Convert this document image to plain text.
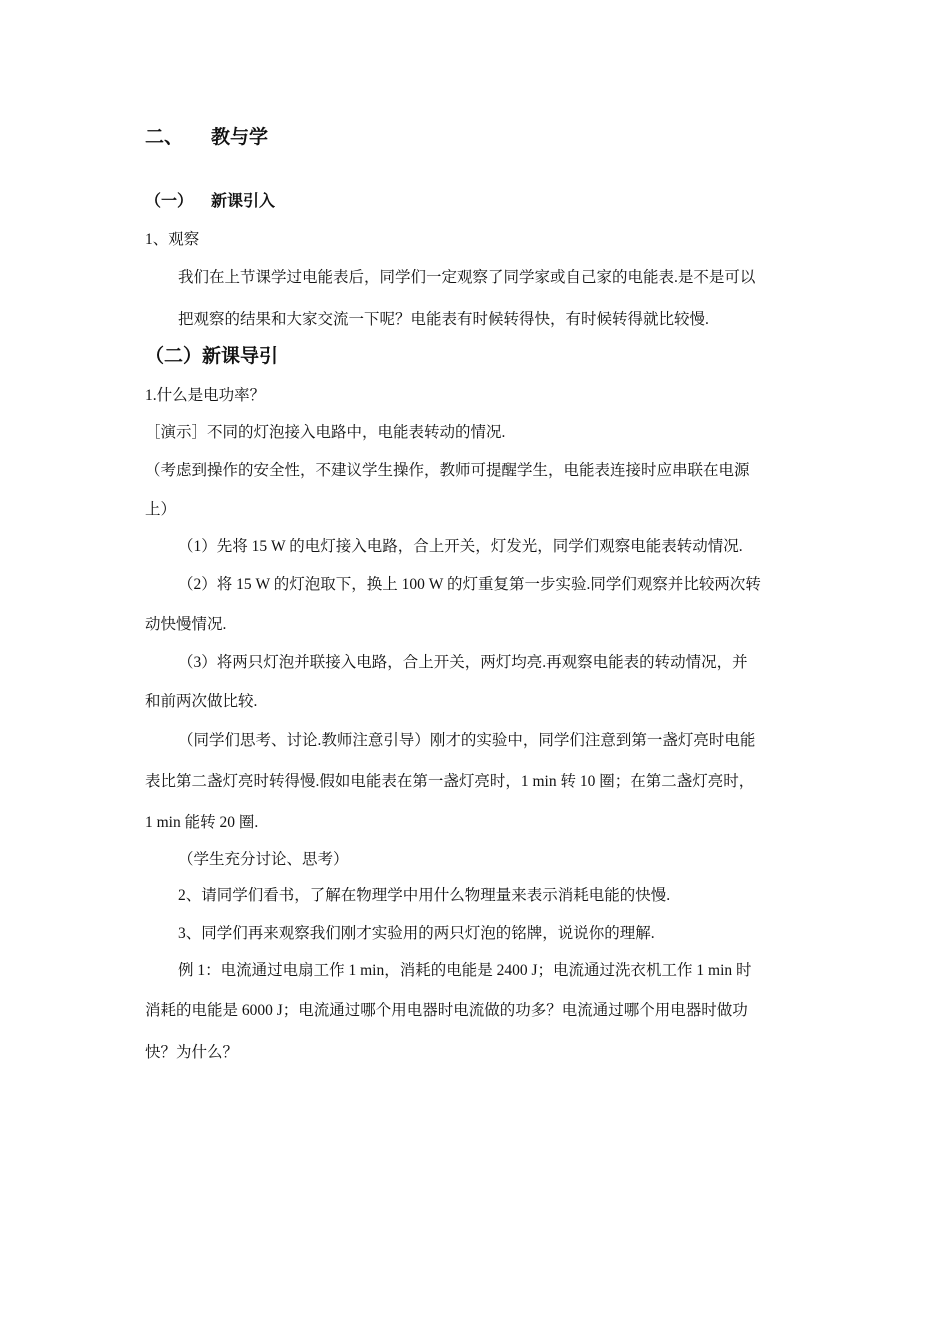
二、 教与学
（一） 新课引入
1、观察
我们在上节课学过电能表后，同学们一定观察了同学家或自己家的电能表.是不是可以
把观察的结果和大家交流一下呢？电能表有时候转得快，有时候转得就比较慢.
（二）新课导引
1.什么是电功率？
［演示］不同的灯泡接入电路中，电能表转动的情况.
（考虑到操作的安全性，不建议学生操作，教师可提醒学生，电能表连接时应串联在电源
上）
（1）先将 15 W 的电灯接入电路，合上开关，灯发光，同学们观察电能表转动情况.
（2）将 15 W 的灯泡取下，换上 100 W 的灯重复第一步实验.同学们观察并比较两次转
动快慢情况.
（3）将两只灯泡并联接入电路，合上开关，两灯均亮.再观察电能表的转动情况，并
和前两次做比较.
（同学们思考、讨论.教师注意引导）刚才的实验中，同学们注意到第一盏灯亮时电能
表比第二盏灯亮时转得慢.假如电能表在第一盏灯亮时，1 min 转 10 圈；在第二盏灯亮时，
1 min 能转 20 圈.
（学生充分讨论、思考）
2、请同学们看书，了解在物理学中用什么物理量来表示消耗电能的快慢.
3、同学们再来观察我们刚才实验用的两只灯泡的铭牌，说说你的理解.
例 1：电流通过电扇工作 1 min，消耗的电能是 2400 J；电流通过洗衣机工作 1 min 时
消耗的电能是 6000 J；电流通过哪个用电器时电流做的功多？电流通过哪个用电器时做功
快？为什么？
